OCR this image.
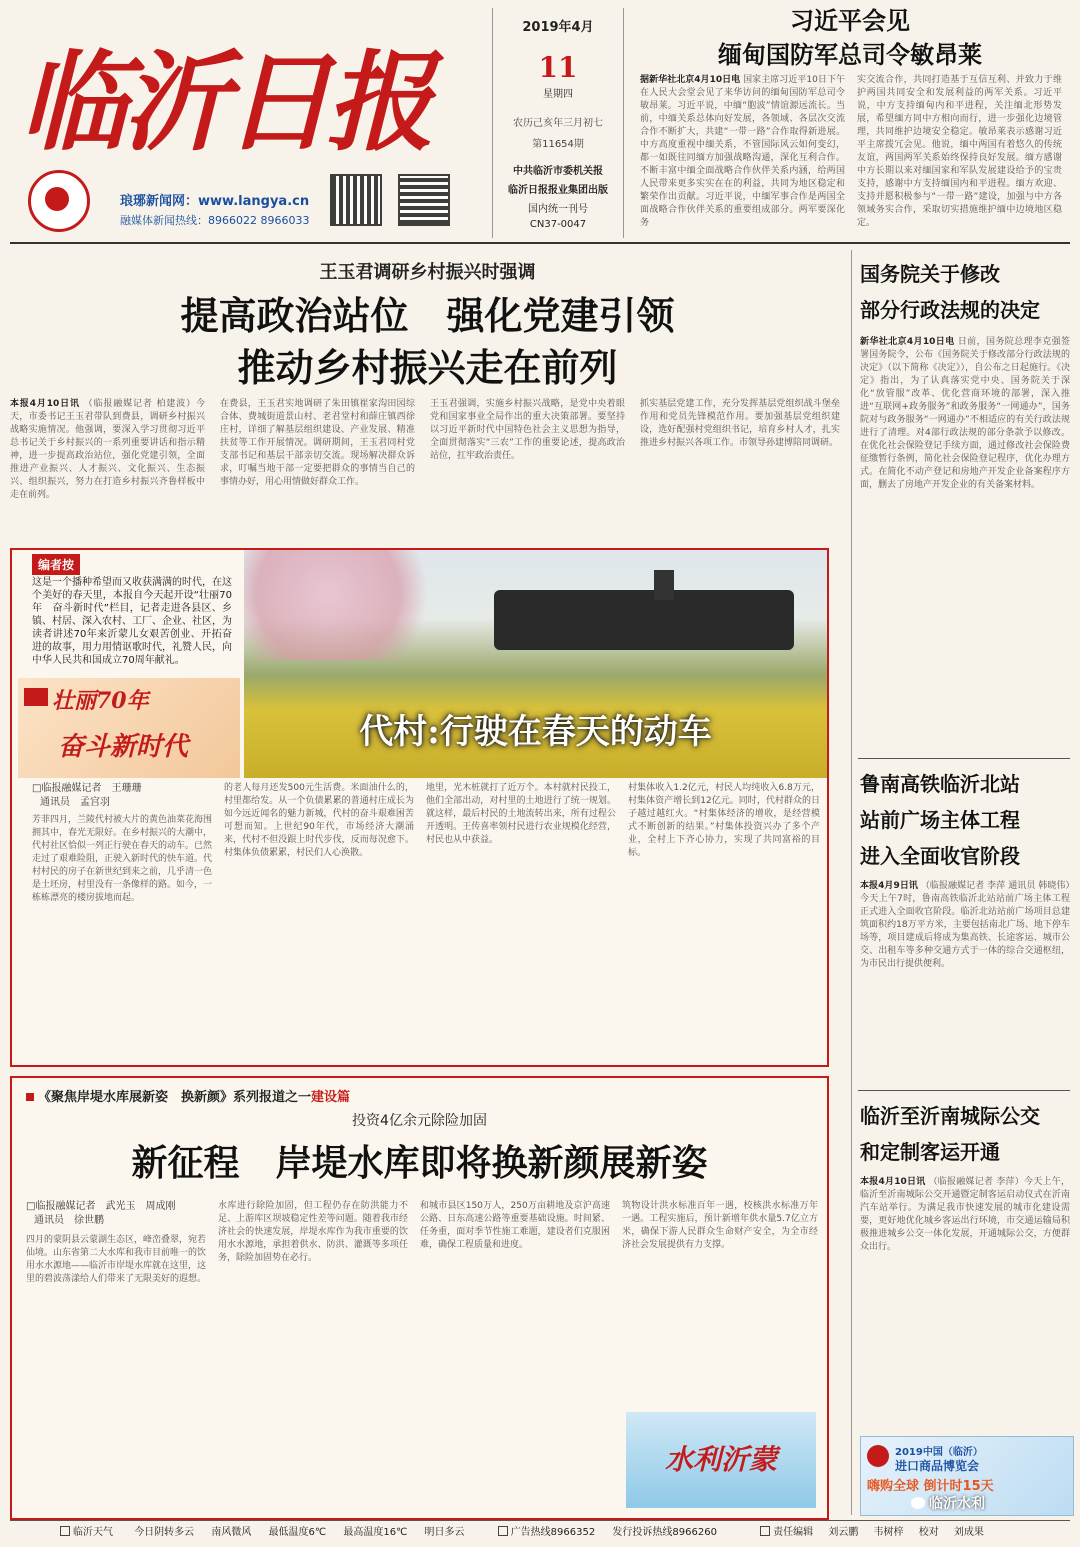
临沂日报
琅琊新闻网：www.langya.cn
融媒体新闻热线：8966022 8966033
2019年4月
11
星期四
农历己亥年三月初七
第11654期
中共临沂市委机关报
临沂日报报业集团出版
国内统一刊号
CN37-0047
习近平会见
缅甸国防军总司令敏昂莱
据新华社北京4月10日电 国家主席习近平10日下午在人民大会堂会见了来华访问的缅甸国防军总司令敏昂莱。习近平说，中缅“胞波”情谊源远流长。当前，中缅关系总体向好发展，各领域、各层次交流合作不断扩大，共建“一带一路”合作取得新进展。中方高度重视中缅关系，不管国际风云如何变幻，都一如既往同缅方加强战略沟通，深化互利合作。不断丰富中缅全面战略合作伙伴关系内涵，给两国人民带来更多实实在在的利益，共同为地区稳定和繁荣作出贡献。习近平说，中缅军事合作是两国全面战略合作伙伴关系的重要组成部分。两军要深化务
实交流合作，共同打造基于互信互利、并致力于维护两国共同安全和发展利益的两军关系。习近平说，中方支持缅甸内和平进程，关注缅北形势发展，希望缅方同中方相向而行，进一步强化边境管理，共同维护边境安全稳定。敏昂莱表示感谢习近平主席拨冗会见。他说，缅中两国有着悠久的传统友谊，两国两军关系始终保持良好发展。缅方感谢中方长期以来对缅国家和军队发展建设给予的宝贵支持，感谢中方支持缅国内和平进程。缅方欢迎、支持并愿积极参与“一带一路”建设，加强与中方各领域务实合作，采取切实措施维护缅中边境地区稳定。
王玉君调研乡村振兴时强调
提高政治站位　强化党建引领
推动乡村振兴走在前列
本报4月10日讯 （临报融媒记者 柏建波）今天，市委书记王玉君带队到费县，调研乡村振兴战略实施情况。他强调，要深入学习贯彻习近平总书记关于乡村振兴的一系列重要讲话和指示精神，进一步提高政治站位，强化党建引领，全面推进产业振兴、人才振兴、文化振兴、生态振兴、组织振兴，努力在打造乡村振兴齐鲁样板中走在前列。
在费县，王玉君实地调研了朱田镇崔家沟田园综合体、费城街道景山村、老君堂村和薛庄镇西徐庄村，详细了解基层组织建设、产业发展、精准扶贫等工作开展情况。调研期间，王玉君同村党支部书记和基层干部亲切交流。现场解决群众诉求，叮嘱当地干部一定要把群众的事情当自己的事情办好，用心用情做好群众工作。
王玉君强调，实施乡村振兴战略，是党中央着眼党和国家事业全局作出的重大决策部署。要坚持以习近平新时代中国特色社会主义思想为指导，全面贯彻落实“三农”工作的重要论述，提高政治站位，扛牢政治责任。
抓实基层党建工作，充分发挥基层党组织战斗堡垒作用和党员先锋模范作用。要加强基层党组织建设，选好配强村党组织书记，培育乡村人才，扎实推进乡村振兴各项工作。市领导孙建博陪同调研。
编者按
这是一个播种希望而又收获满满的时代，在这个美好的春天里，本报自今天起开设“壮丽70年　奋斗新时代”栏目，记者走进各县区、乡镇、村居、深入农村、工厂、企业、社区，为读者讲述70年来沂蒙儿女艰苦创业、开拓奋进的故事，用力用情讴歌时代，礼赞人民，向中华人民共和国成立70周年献礼。
壮丽70年
奋斗新时代	代村:行驶在春天的动车
□临报融媒记者　王珊珊
通讯员　孟宫羽
芳菲四月，兰陵代村被大片的黄色油菜花海围拥其中，春光无限好。在乡村振兴的大潮中，代村社区恰似一列正行驶在春天的动车。已然走过了艰难险阻，正驶入新时代的快车道。代村村民的房子在新世纪到来之前，几乎清一色是土坯房，村里没有一条像样的路。如今，一栋栋漂亮的楼房拔地而起。
的老人每月还发500元生活费。米面油什么的，村里都给发。从一个负债累累的普通村庄成长为如今远近闻名的魅力新城，代村的奋斗艰难困苦可想而知。上世纪90年代，市场经济大潮涌来，代村不但没跟上时代步伐，反而每况愈下。村集体负债累累，村民们人心涣散。
地里，光木桩就打了近万个。本村就村民投工，他们全部出动，对村里的土地进行了统一规划。就这样，最后村民的土地流转出来，所有过程公开透明。王传喜率领村民进行农业规模化经营，村民也从中获益。
村集体收入1.2亿元，村民人均纯收入6.8万元，村集体资产增长到12亿元。同时，代村群众的日子越过越红火。“村集体经济的增收，是经营模式不断创新的结果。”村集体投资兴办了多个产业，全村上下齐心协力，实现了共同富裕的目标。
《聚焦岸堤水库展新姿　换新颜》系列报道之一建设篇
投资4亿余元除险加固
新征程　岸堤水库即将换新颜展新姿
□临报融媒记者　武光玉　周成刚
通讯员　徐世鹏
四月的蒙阴县云蒙湖生态区，峰峦叠翠，宛若仙境。山东省第二大水库和我市目前唯一的饮用水水源地——临沂市岸堤水库就在这里，这里的碧波荡漾给人们带来了无限美好的遐想。
水库进行除险加固，但工程仍存在防洪能力不足、上游库区坝坡稳定性差等问题。随着我市经济社会的快速发展，岸堤水库作为我市重要的饮用水水源地，承担着供水、防洪、灌溉等多项任务，除险加固势在必行。
和城市县区150万人，250万亩耕地及京沪高速公路、日东高速公路等重要基础设施。时间紧、任务重，面对季节性施工难题，建设者们克服困难，确保工程质量和进度。
筑物设计洪水标准百年一遇，校核洪水标准万年一遇。工程实施后，预计新增年供水量5.7亿立方米，确保下游人民群众生命财产安全，为全市经济社会发展提供有力支撑。
水利沂蒙
国务院关于修改
部分行政法规的决定
新华社北京4月10日电 日前，国务院总理李克强签署国务院令，公布《国务院关于修改部分行政法规的决定》（以下简称《决定》），自公布之日起施行。《决定》指出，为了认真落实党中央、国务院关于深化“放管服”改革、优化营商环境的部署，深入推进“互联网+政务服务”和政务服务“一网通办”，国务院对与政务服务“一网通办”不相适应的有关行政法规进行了清理。对4部行政法规的部分条款予以修改。在优化社会保险登记手续方面，通过修改社会保险费征缴暂行条例，简化社会保险登记程序，优化办理方式。在简化不动产登记和房地产开发企业备案程序方面，删去了房地产开发企业的有关备案材料。
鲁南高铁临沂北站
站前广场主体工程
进入全面收官阶段
本报4月9日讯 （临报融媒记者 李萍 通讯员 韩晓伟）今天上午7时，鲁南高铁临沂北站站前广场主体工程正式进入全面收官阶段。临沂北站站前广场项目总建筑面积约18万平方米，主要包括南北广场、地下停车场等，项目建成后将成为集高铁、长途客运、城市公交、出租车等多种交通方式于一体的综合交通枢纽，为市民出行提供便利。
临沂至沂南城际公交
和定制客运开通
本报4月10日讯 （临报融媒记者 李萍）今天上午，临沂至沂南城际公交开通暨定制客运启动仪式在沂南汽车站举行。为满足我市快速发展的城市化建设需要，更好地优化城乡客运出行环境，市交通运输局积极推进城乡公交一体化发展，开通城际公交，方便群众出行。
2019中国（临沂）
进口商品博览会
嗨购全球 倒计时15天
临沂水利
临沂天气 今日阴转多云 南风微风 最低温度6℃ 最高温度16℃ 明日多云	广告热线8966352 发行投诉热线8966260	责任编辑 刘云鹏 韦树梓 校对 刘成果
